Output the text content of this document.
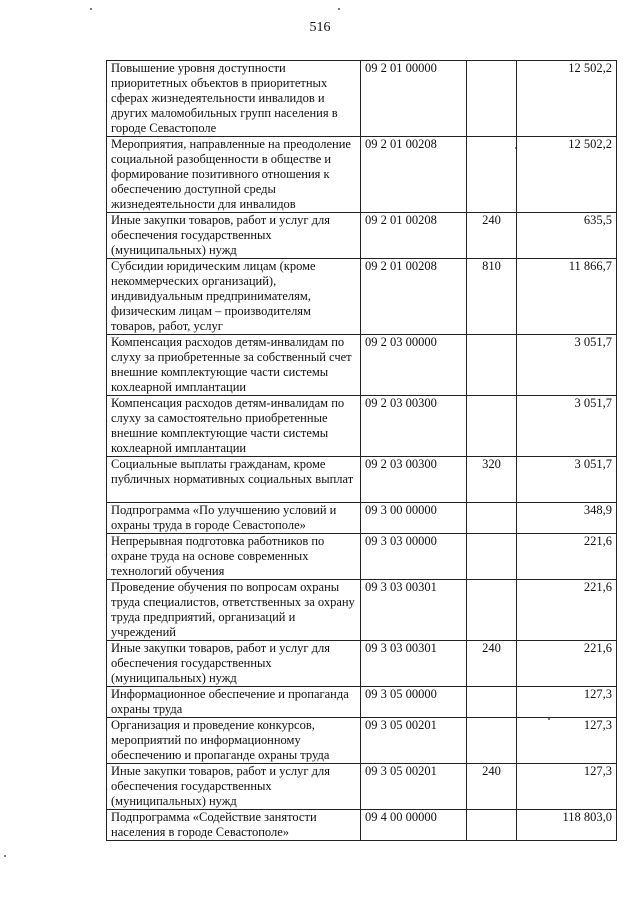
516
Повышение уровня доступности приоритетных объектов в приоритетных сферах жизнедеятельности инвалидов и других маломобильных групп населения в городе Севастополе	09 2 01 00000		12 502,2
Мероприятия, направленные на преодоление социальной разобщенности в обществе и формирование позитивного отношения к обеспечению доступной среды жизнедеятельности для инвалидов	09 2 01 00208		12 502,2
Иные закупки товаров, работ и услуг для обеспечения государственных (муниципальных) нужд	09 2 01 00208	240	635,5
Субсидии юридическим лицам (кроме некоммерческих организаций), индивидуальным предпринимателям, физическим лицам – производителям товаров, работ, услуг	09 2 01 00208	810	11 866,7
Компенсация расходов детям-инвалидам по слуху за приобретенные за собственный счет внешние комплектующие части системы кохлеарной имплантации	09 2 03 00000		3 051,7
Компенсация расходов детям-инвалидам по слуху за самостоятельно приобретенные внешние комплектующие части системы кохлеарной имплантации	09 2 03 00300		3 051,7
Социальные выплаты гражданам, кроме публичных нормативных социальных выплат	09 2 03 00300	320	3 051,7
Подпрограмма «По улучшению условий и охраны труда в городе Севастополе»	09 3 00 00000		348,9
Непрерывная подготовка работников по охране труда на основе современных технологий обучения	09 3 03 00000		221,6
Проведение обучения по вопросам охраны труда специалистов, ответственных за охрану труда предприятий, организаций и учреждений	09 3 03 00301		221,6
Иные закупки товаров, работ и услуг для обеспечения государственных (муниципальных) нужд	09 3 03 00301	240	221,6
Информационное обеспечение и пропаганда охраны труда	09 3 05 00000		127,3
Организация и проведение конкурсов, мероприятий по информационному обеспечению и пропаганде охраны труда	09 3 05 00201		127,3
Иные закупки товаров, работ и услуг для обеспечения государственных (муниципальных) нужд	09 3 05 00201	240	127,3
Подпрограмма «Содействие занятости населения в городе Севастополе»	09 4 00 00000		118 803,0
